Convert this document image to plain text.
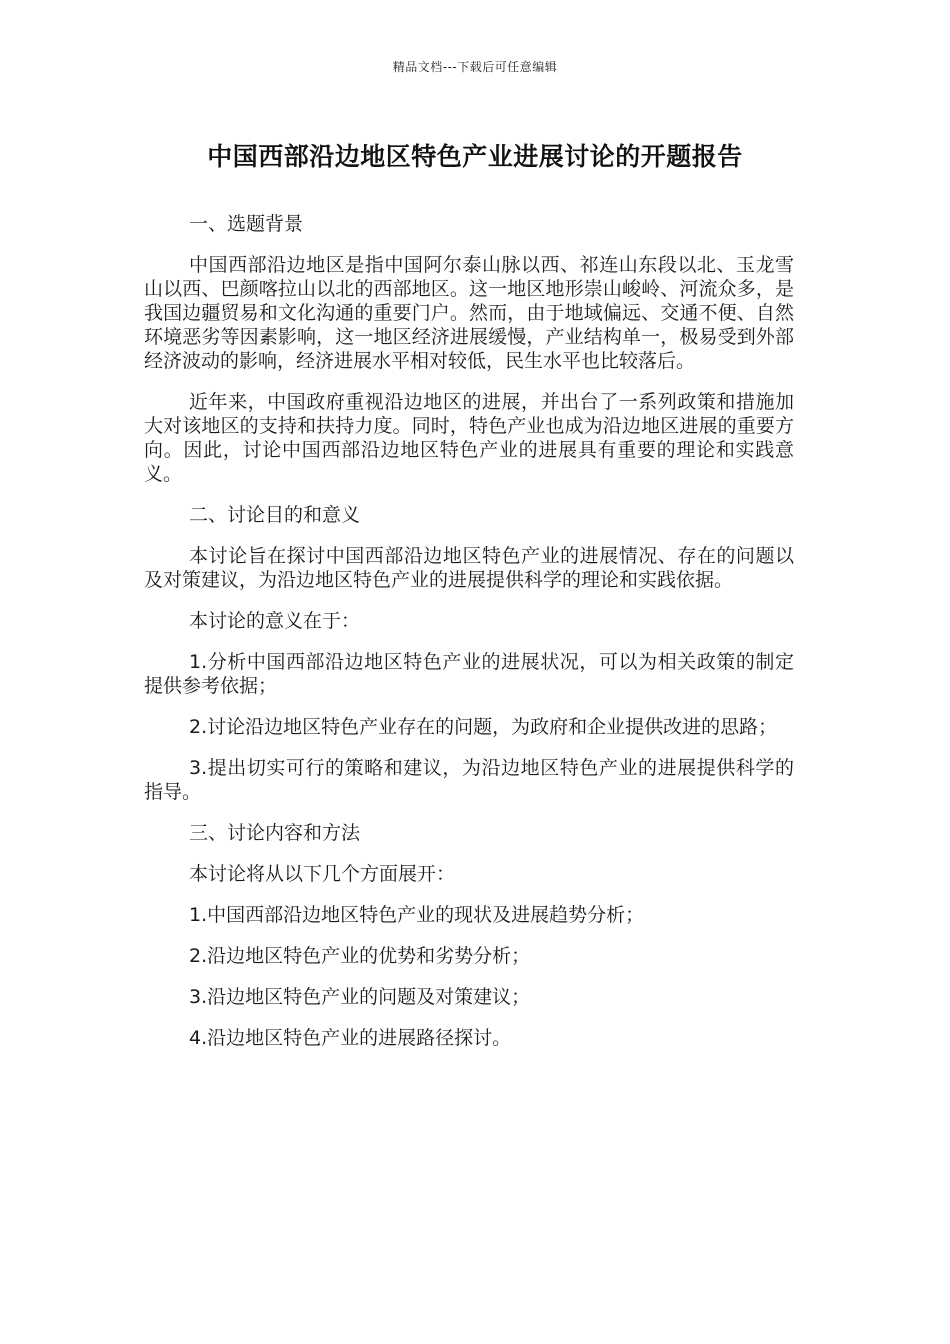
精品文档---下载后可任意编辑
中国西部沿边地区特色产业进展讨论的开题报告

一、选题背景

中国西部沿边地区是指中国阿尔泰山脉以西、祁连山东段以北、玉龙雪山以西、巴颜喀拉山以北的西部地区。这一地区地形崇山峻岭、河流众多，是我国边疆贸易和文化沟通的重要门户。然而，由于地域偏远、交通不便、自然环境恶劣等因素影响，这一地区经济进展缓慢，产业结构单一，极易受到外部经济波动的影响，经济进展水平相对较低，民生水平也比较落后。

近年来，中国政府重视沿边地区的进展，并出台了一系列政策和措施加大对该地区的支持和扶持力度。同时，特色产业也成为沿边地区进展的重要方向。因此，讨论中国西部沿边地区特色产业的进展具有重要的理论和实践意义。

二、讨论目的和意义

本讨论旨在探讨中国西部沿边地区特色产业的进展情况、存在的问题以及对策建议，为沿边地区特色产业的进展提供科学的理论和实践依据。

本讨论的意义在于：

1.分析中国西部沿边地区特色产业的进展状况，可以为相关政策的制定提供参考依据；

2.讨论沿边地区特色产业存在的问题，为政府和企业提供改进的思路；

3.提出切实可行的策略和建议，为沿边地区特色产业的进展提供科学的指导。

三、讨论内容和方法

本讨论将从以下几个方面展开：

1.中国西部沿边地区特色产业的现状及进展趋势分析；

2.沿边地区特色产业的优势和劣势分析；

3.沿边地区特色产业的问题及对策建议；

4.沿边地区特色产业的进展路径探讨。
